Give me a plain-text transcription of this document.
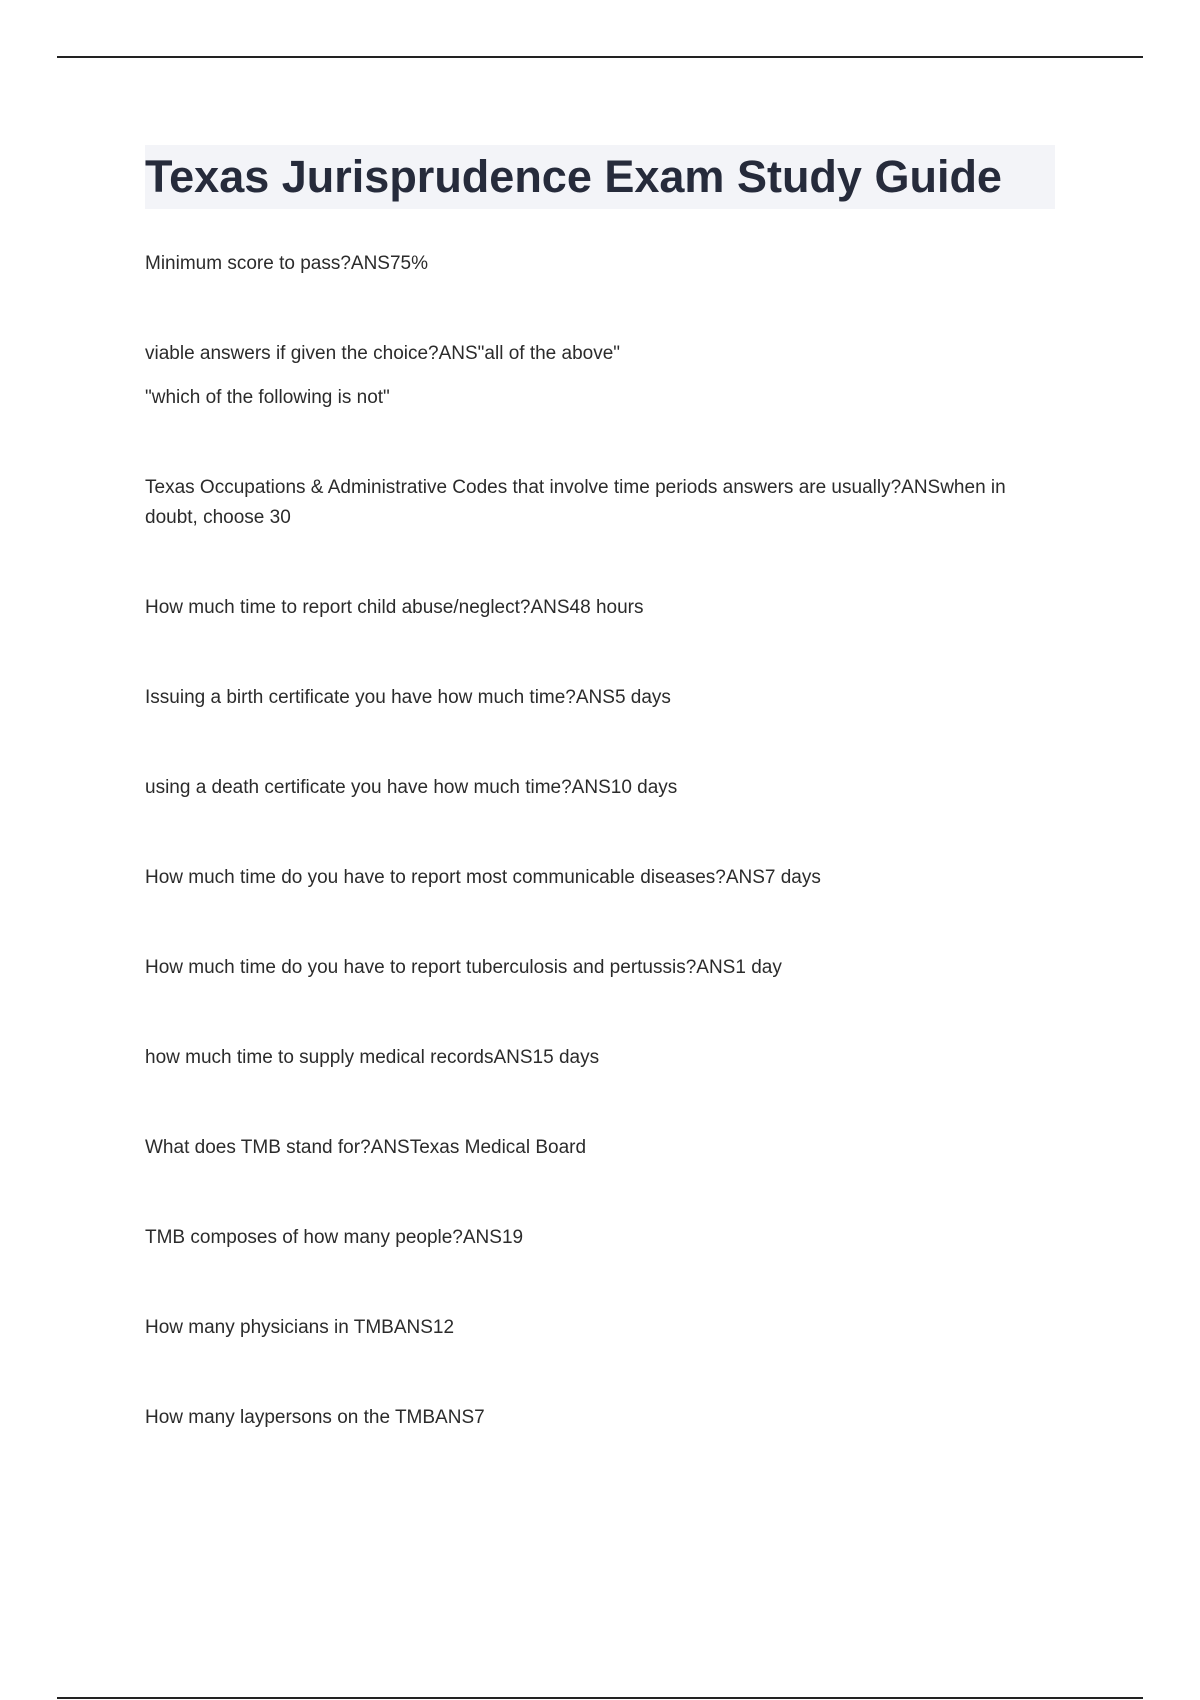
Texas Jurisprudence Exam Study Guide

Minimum score to pass?ANS75%

viable answers if given the choice?ANS"all of the above"

"which of the following is not"

Texas Occupations & Administrative Codes that involve time periods answers are usually?ANSwhen in doubt, choose 30

How much time to report child abuse/neglect?ANS48 hours

Issuing a birth certificate you have how much time?ANS5 days

using a death certificate you have how much time?ANS10 days

How much time do you have to report most communicable diseases?ANS7 days

How much time do you have to report tuberculosis and pertussis?ANS1 day

how much time to supply medical recordsANS15 days

What does TMB stand for?ANSTexas Medical Board

TMB composes of how many people?ANS19

How many physicians in TMBANS12

How many laypersons on the TMBANS7
